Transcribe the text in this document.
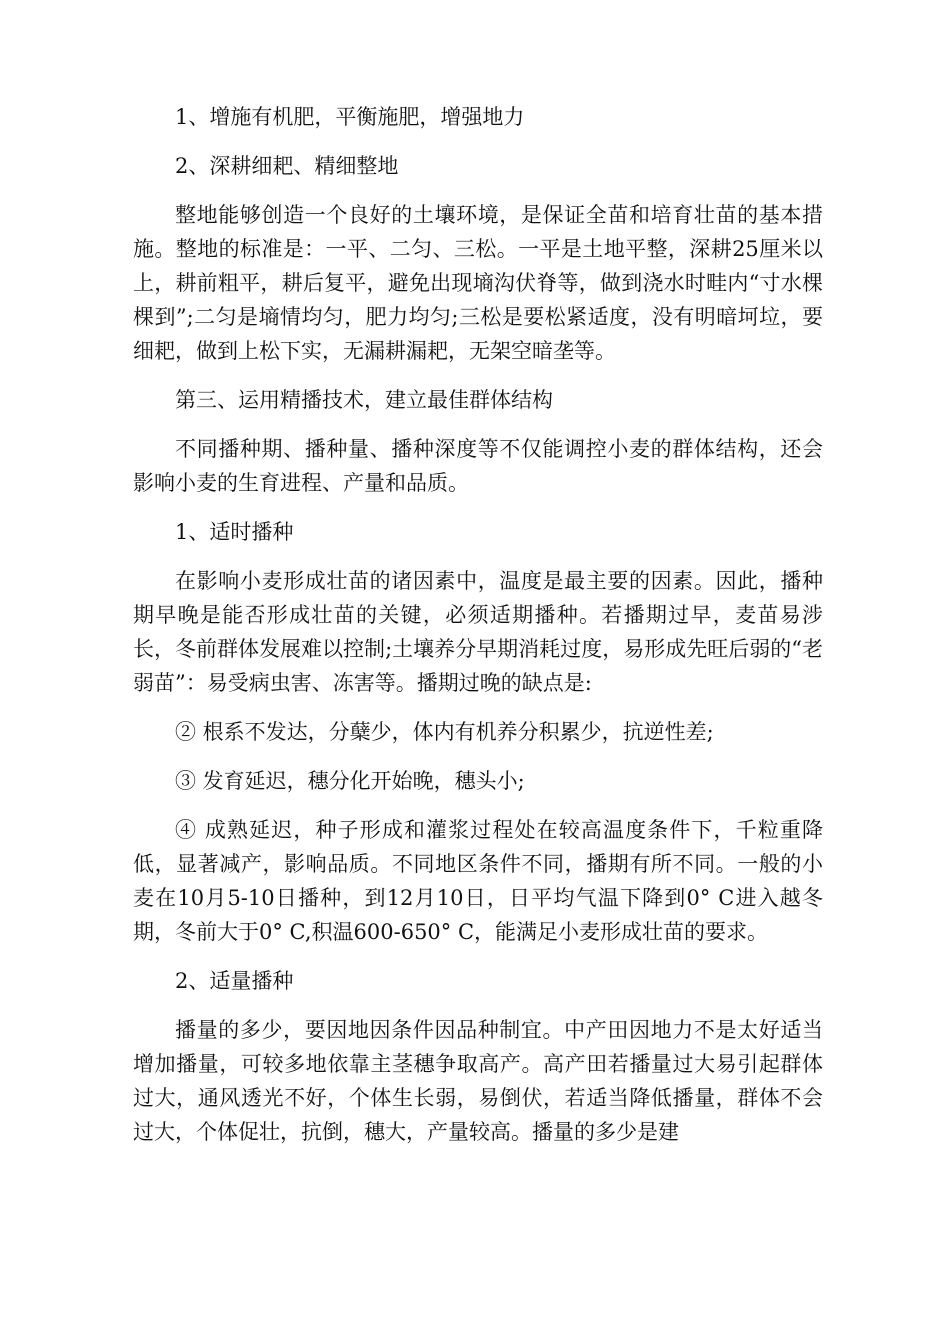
1、增施有机肥，平衡施肥，增强地力

2、深耕细耙、精细整地

整地能够创造一个良好的土壤环境，是保证全苗和培育壮苗的基本措施。整地的标准是：一平、二匀、三松。一平是土地平整，深耕25厘米以上，耕前粗平，耕后复平，避免出现墒沟伏脊等，做到浇水时畦内“寸水棵棵到”;二匀是墒情均匀，肥力均匀;三松是要松紧适度，没有明暗坷垃，要细耙，做到上松下实，无漏耕漏耙，无架空暗垄等。

第三、运用精播技术，建立最佳群体结构

不同播种期、播种量、播种深度等不仅能调控小麦的群体结构，还会影响小麦的生育进程、产量和品质。

1、适时播种

在影响小麦形成壮苗的诸因素中，温度是最主要的因素。因此，播种期早晚是能否形成壮苗的关键，必须适期播种。若播期过早，麦苗易涉长，冬前群体发展难以控制;土壤养分早期消耗过度，易形成先旺后弱的“老弱苗”：易受病虫害、冻害等。播期过晚的缺点是:

② 根系不发达，分蘖少，体内有机养分积累少，抗逆性差;

③ 发育延迟，穗分化开始晚，穗头小;

④ 成熟延迟，种子形成和灌浆过程处在较高温度条件下，千粒重降低，显著减产，影响品质。不同地区条件不同，播期有所不同。一般的小麦在10月5-10日播种，到12月10日，日平均气温下降到0° C进入越冬期，冬前大于0° C,积温600-650° C，能满足小麦形成壮苗的要求。

2、适量播种

播量的多少，要因地因条件因品种制宜。中产田因地力不是太好适当增加播量，可较多地依靠主茎穗争取高产。高产田若播量过大易引起群体过大，通风透光不好，个体生长弱，易倒伏，若适当降低播量，群体不会过大，个体促壮，抗倒，穗大，产量较高。播量的多少是建
